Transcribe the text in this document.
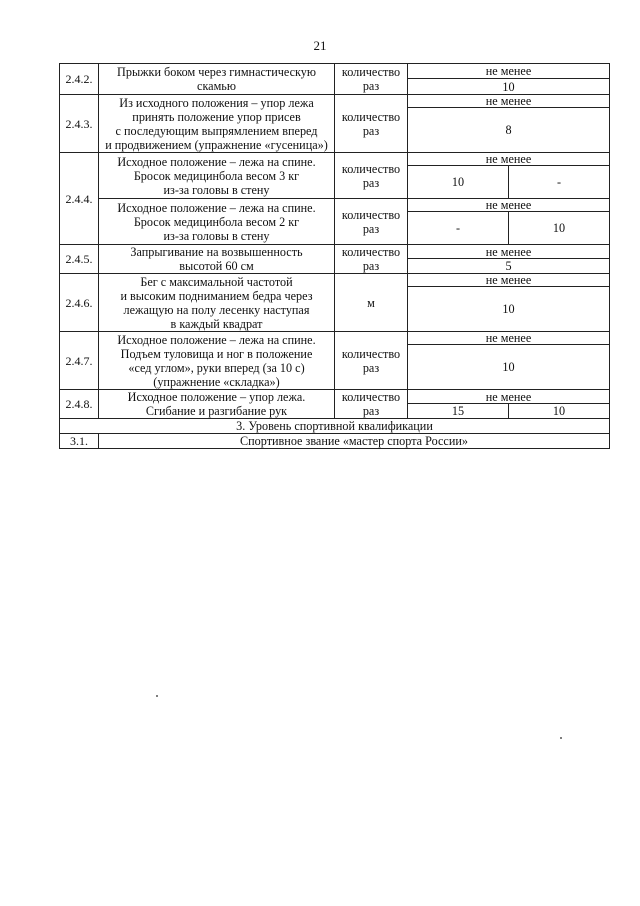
21
2.4.2.	Прыжки боком через гимнастическую
скамью	количество раз	не менее	
			10	
2.4.3.	Из исходного положения – упор лежа
принять положение упор присев
с последующим выпрямлением вперед
и продвижением (упражнение «гусеница»)	количество раз	не менее	
			8	
2.4.4.	Исходное положение – лежа на спине.
Бросок медицинбола весом 3 кг
из-за головы в стену	количество раз	не менее	
			10	-
	Исходное положение – лежа на спине.
Бросок медицинбола весом 2 кг
из-за головы в стену	количество раз	не менее	
			-	10
2.4.5.	Запрыгивание на возвышенность
высотой 60 см	количество раз	не менее	
			5	
2.4.6.	Бег с максимальной частотой
и высоким подниманием бедра через
лежащую на полу лесенку наступая
в каждый квадрат	м	не менее	
			10	
2.4.7.	Исходное положение – лежа на спине.
Подъем туловища и ног в положение
«сед углом», руки вперед (за 10 с)
(упражнение «складка»)	количество раз	не менее	
			10	
2.4.8.	Исходное положение – упор лежа.
Сгибание и разгибание рук	количество раз	не менее	
			15	10
3. Уровень спортивной квалификации				
3.1.	Спортивное звание «мастер спорта России»			
